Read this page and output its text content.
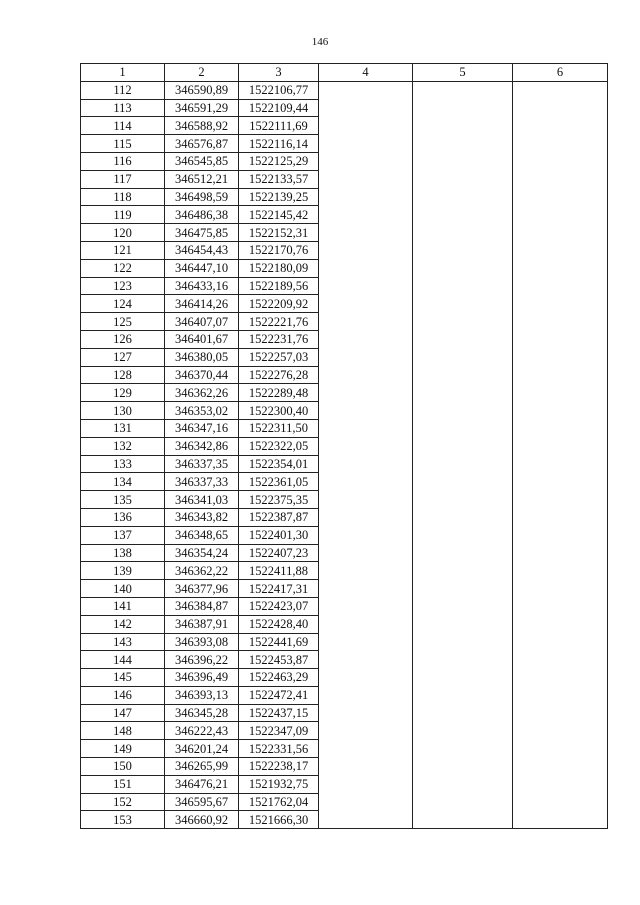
146
1	2	3	4	5	6
112	346590,89	1522106,77			
113	346591,29	1522109,44			
114	346588,92	1522111,69			
115	346576,87	1522116,14			
116	346545,85	1522125,29			
117	346512,21	1522133,57			
118	346498,59	1522139,25			
119	346486,38	1522145,42			
120	346475,85	1522152,31			
121	346454,43	1522170,76			
122	346447,10	1522180,09			
123	346433,16	1522189,56			
124	346414,26	1522209,92			
125	346407,07	1522221,76			
126	346401,67	1522231,76			
127	346380,05	1522257,03			
128	346370,44	1522276,28			
129	346362,26	1522289,48			
130	346353,02	1522300,40			
131	346347,16	1522311,50			
132	346342,86	1522322,05			
133	346337,35	1522354,01			
134	346337,33	1522361,05			
135	346341,03	1522375,35			
136	346343,82	1522387,87			
137	346348,65	1522401,30			
138	346354,24	1522407,23			
139	346362,22	1522411,88			
140	346377,96	1522417,31			
141	346384,87	1522423,07			
142	346387,91	1522428,40			
143	346393,08	1522441,69			
144	346396,22	1522453,87			
145	346396,49	1522463,29			
146	346393,13	1522472,41			
147	346345,28	1522437,15			
148	346222,43	1522347,09			
149	346201,24	1522331,56			
150	346265,99	1522238,17			
151	346476,21	1521932,75			
152	346595,67	1521762,04			
153	346660,92	1521666,30			
